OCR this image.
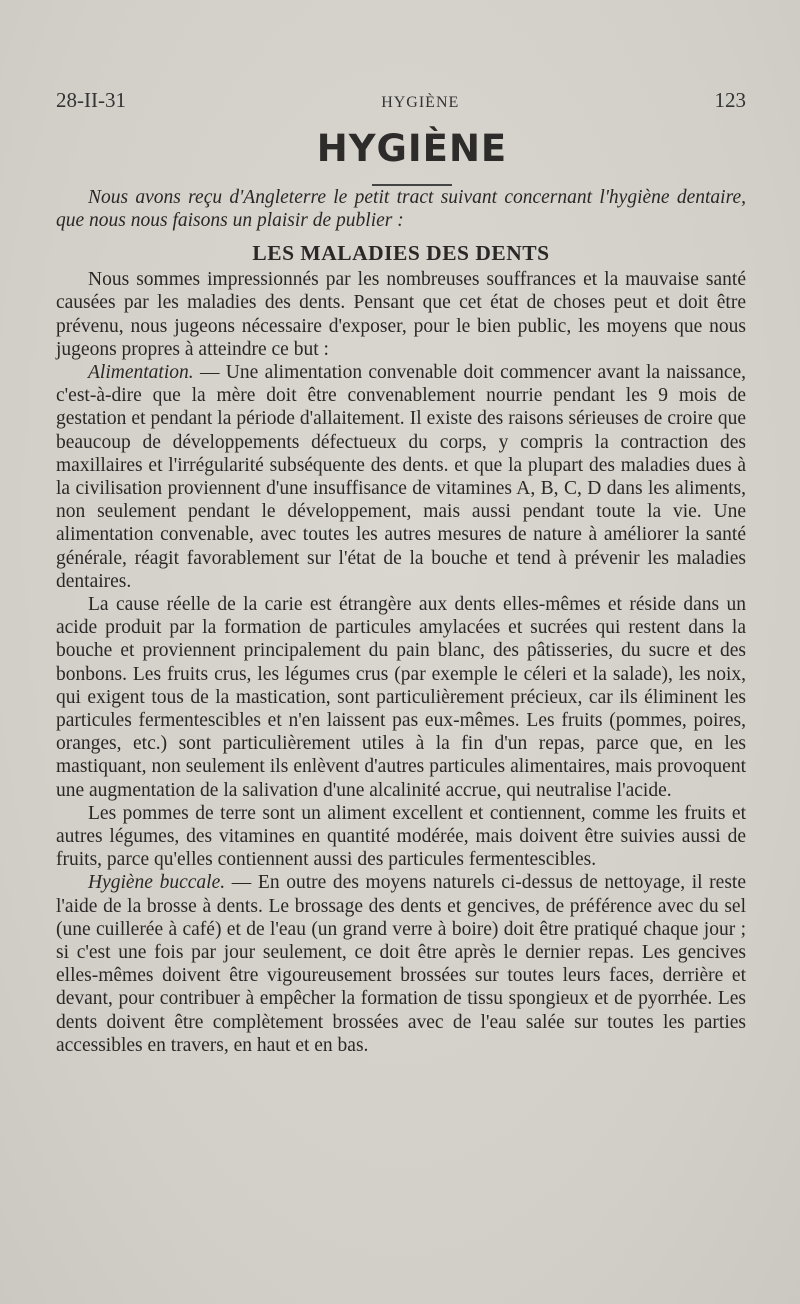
28-II-31	HYGIÈNE	123
HYGIÈNE

Nous avons reçu d'Angleterre le petit tract suivant concernant l'hygiène dentaire, que nous nous faisons un plaisir de publier :

LES MALADIES DES DENTS

Nous sommes impressionnés par les nombreuses souffrances et la mauvaise santé causées par les maladies des dents. Pensant que cet état de choses peut et doit être prévenu, nous jugeons nécessaire d'exposer, pour le bien public, les moyens que nous jugeons propres à atteindre ce but :

Alimentation. — Une alimentation convenable doit commencer avant la naissance, c'est-à-dire que la mère doit être convenablement nourrie pendant les 9 mois de gestation et pendant la période d'allaitement. Il existe des raisons sérieuses de croire que beaucoup de développements défectueux du corps, y compris la contraction des maxillaires et l'irrégularité subséquente des dents. et que la plupart des maladies dues à la civilisation proviennent d'une insuffisance de vitamines A, B, C, D dans les aliments, non seulement pendant le développement, mais aussi pendant toute la vie. Une alimentation convenable, avec toutes les autres mesures de nature à améliorer la santé générale, réagit favorablement sur l'état de la bouche et tend à prévenir les maladies dentaires.

La cause réelle de la carie est étrangère aux dents elles-mêmes et réside dans un acide produit par la formation de particules amylacées et sucrées qui restent dans la bouche et proviennent principalement du pain blanc, des pâtisseries, du sucre et des bonbons. Les fruits crus, les légumes crus (par exemple le céleri et la salade), les noix, qui exigent tous de la mastication, sont particulièrement précieux, car ils éliminent les particules fermentescibles et n'en laissent pas eux-mêmes. Les fruits (pommes, poires, oranges, etc.) sont particulièrement utiles à la fin d'un repas, parce que, en les mastiquant, non seulement ils enlèvent d'autres particules alimentaires, mais provoquent une augmentation de la salivation d'une alcalinité accrue, qui neutralise l'acide.

Les pommes de terre sont un aliment excellent et contiennent, comme les fruits et autres légumes, des vitamines en quantité modérée, mais doivent être suivies aussi de fruits, parce qu'elles contiennent aussi des particules fermentescibles.

Hygiène buccale. — En outre des moyens naturels ci-dessus de nettoyage, il reste l'aide de la brosse à dents. Le brossage des dents et gencives, de préférence avec du sel (une cuillerée à café) et de l'eau (un grand verre à boire) doit être pratiqué chaque jour ; si c'est une fois par jour seulement, ce doit être après le dernier repas. Les gencives elles-mêmes doivent être vigoureusement brossées sur toutes leurs faces, derrière et devant, pour contribuer à empêcher la formation de tissu spongieux et de pyorrhée. Les dents doivent être complètement brossées avec de l'eau salée sur toutes les parties accessibles en travers, en haut et en bas.
